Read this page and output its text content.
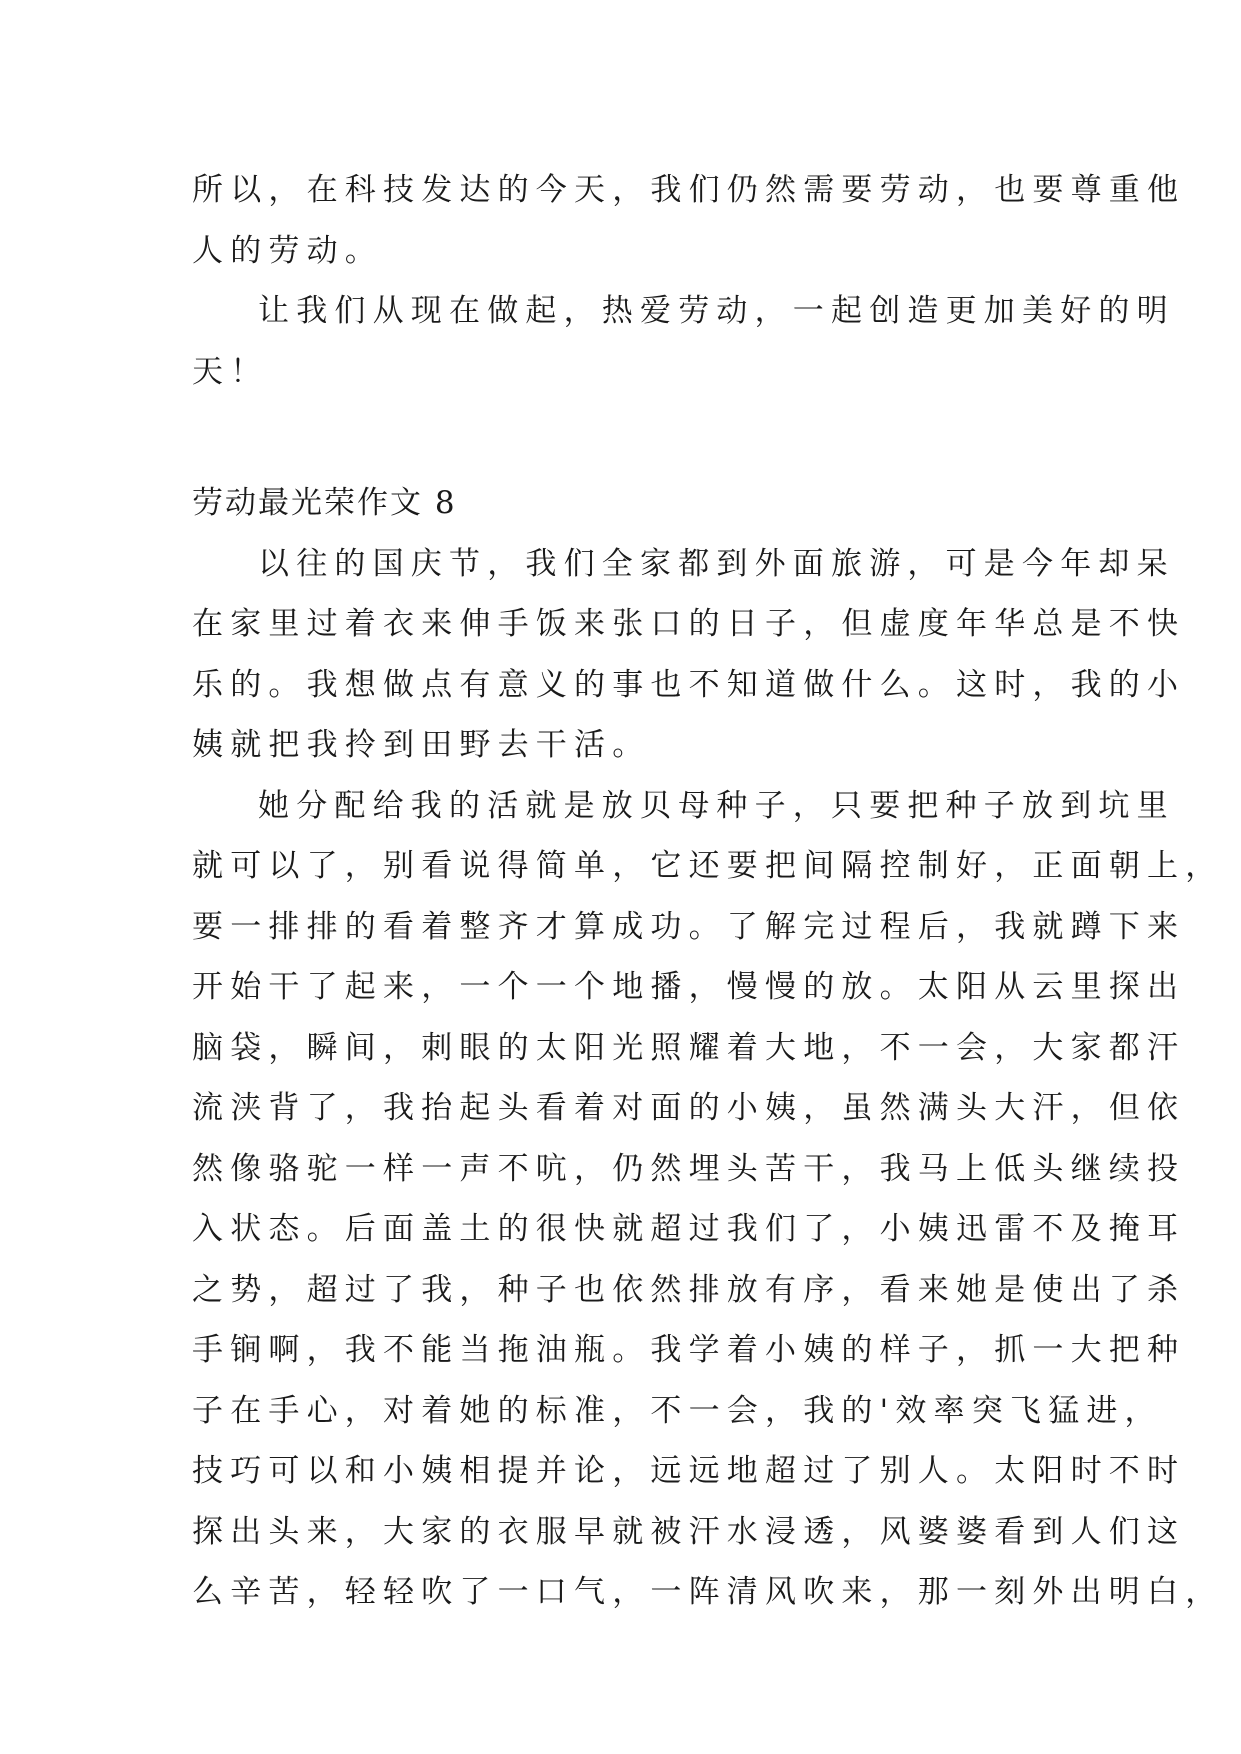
所以，在科技发达的今天，我们仍然需要劳动，也要尊重他
人的劳动。
让我们从现在做起，热爱劳动，一起创造更加美好的明
天！
劳动最光荣作文 8
以往的国庆节，我们全家都到外面旅游，可是今年却呆
在家里过着衣来伸手饭来张口的日子，但虚度年华总是不快
乐的。我想做点有意义的事也不知道做什么。这时，我的小
姨就把我拎到田野去干活。
她分配给我的活就是放贝母种子，只要把种子放到坑里
就可以了，别看说得简单，它还要把间隔控制好，正面朝上，
要一排排的看着整齐才算成功。了解完过程后，我就蹲下来
开始干了起来，一个一个地播，慢慢的放。太阳从云里探出
脑袋，瞬间，刺眼的太阳光照耀着大地，不一会，大家都汗
流浃背了，我抬起头看着对面的小姨，虽然满头大汗，但依
然像骆驼一样一声不吭，仍然埋头苦干，我马上低头继续投
入状态。后面盖土的很快就超过我们了，小姨迅雷不及掩耳
之势，超过了我，种子也依然排放有序，看来她是使出了杀
手锏啊，我不能当拖油瓶。我学着小姨的样子，抓一大把种
子在手心，对着她的标准，不一会，我的'效率突飞猛进，
技巧可以和小姨相提并论，远远地超过了别人。太阳时不时
探出头来，大家的衣服早就被汗水浸透，风婆婆看到人们这
么辛苦，轻轻吹了一口气，一阵清风吹来，那一刻外出明白，
